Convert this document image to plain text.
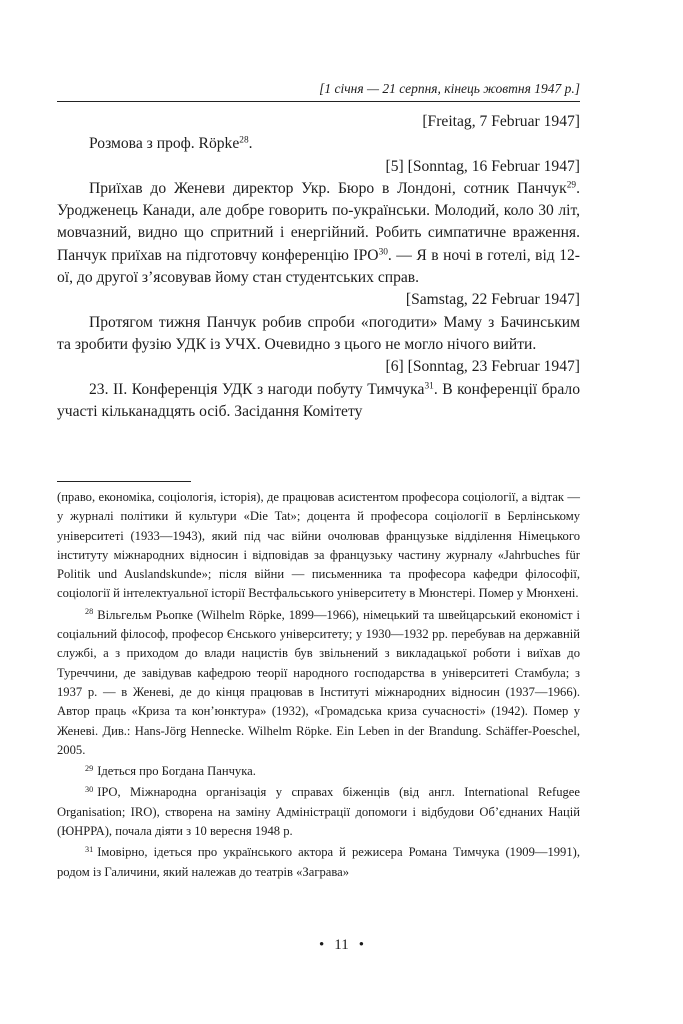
[1 січня — 21 серпня, кінець жовтня 1947 р.]

[Freitag, 7 Februar 1947]

Розмова з проф. Röpke$^{28}$.

[5] [Sonntag, 16 Februar 1947]

Приїхав до Женеви директор Укр. Бюро в Лондоні, сотник Панчук$^{29}$. Уродженець Канади, але добре говорить по-українськи. Молодий, коло 30 літ, мовчазний, видно що спритний і енергійний. Робить симпатичне враження. Панчук приїхав на підготовчу конференцію IPO$^{30}$. — Я в ночі в готелі, від 12-ої, до другої з’ясовував йому стан студентських справ.

[Samstag, 22 Februar 1947]

Протягом тижня Панчук робив спроби «погодити» Маму з Бачинським та зробити фузію УДК із УЧХ. Очевидно з цього не могло нічого вийти.

[6] [Sonntag, 23 Februar 1947]

23. II. Конференція УДК з нагоди побуту Тимчука$^{31}$. В конференції брало участі кільканадцять осіб. Засідання Комітету

(право, економіка, соціологія, історія), де працював асистентом професора соціології, а відтак — у журналі політики й культури «Die Tat»; доцента й професора соціології в Берлінському університеті (1933—1943), який під час війни очолював французьке відділення Німецького інституту міжнародних відносин і відповідав за французьку частину журналу «Jahrbuches für Politik und Auslandskunde»; після війни — письменника та професора кафедри філософії, соціології й інтелектуальної історії Вестфальського університету в Мюнстері. Помер у Мюнхені.

$^{28}$ Вільгельм Рьопке (Wilhelm Röpke, 1899—1966), німецький та швейцарський економіст і соціальний філософ, професор Єнського університету; у 1930—1932 рр. перебував на державній службі, а з приходом до влади нацистів був звільнений з викладацької роботи і виїхав до Туреччини, де завідував кафедрою теорії народного господарства в університеті Стамбула; з 1937 р. — в Женеві, де до кінця працював в Інституті міжнародних відносин (1937—1966). Автор праць «Криза та кон’юнктура» (1932), «Громадська криза сучасності» (1942). Помер у Женеві. Див.: Hans-Jörg Hennecke. Wilhelm Röpke. Ein Leben in der Brandung. Schäffer-Poeschel, 2005.

$^{29}$ Ідеться про Богдана Панчука.

$^{30}$ IPO, Міжнародна організація у справах біженців (від англ. International Refugee Organisation; IRO), створена на заміну Адміністрації допомоги і відбудови Об’єднаних Націй (ЮНРРА), почала діяти з 10 вересня 1948 р.

$^{31}$ Імовірно, ідеться про українського актора й режисера Романа Тимчука (1909—1991), родом із Галичини, який належав до театрів «Заграва»

• 11 •
